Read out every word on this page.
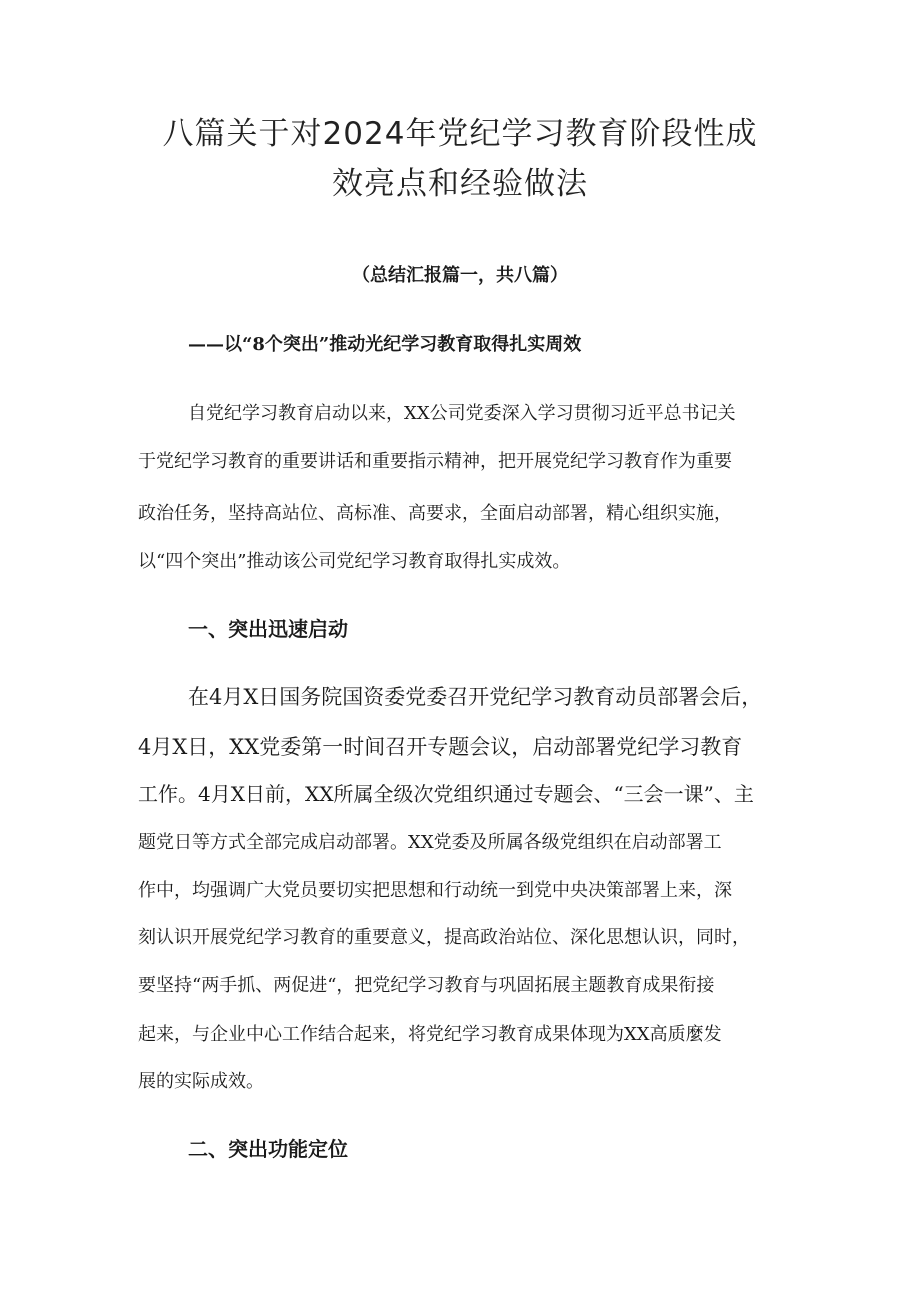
八篇关于对2024年党纪学习教育阶段性成
效亮点和经验做法

（总结汇报篇一，共八篇）

——以“8个突出”推动光纪学习教育取得扎实周效

自党纪学习教育启动以来，XX公司党委深入学习贯彻习近平总书记关

于党纪学习教育的重要讲话和重要指示精神，把开展党纪学习教育作为重要

政治任务，坚持高站位、高标准、高要求，全面启动部署，精心组织实施，

以“四个突出”推动该公司党纪学习教育取得扎实成效。

一、突出迅速启动

在4月X日国务院国资委党委召开党纪学习教育动员部署会后，

4月X日，XX党委第一时间召开专题会议，启动部署党纪学习教育

工作。4月X日前，XX所属全级次党组织通过专题会、“三会一课”、主

题党日等方式全部完成启动部署。XX党委及所属各级党组织在启动部署工

作中，均强调广大党员要切实把思想和行动统一到党中央决策部署上来，深

刻认识开展党纪学习教育的重要意义，提高政治站位、深化思想认识，同时，

要坚持“两手抓、两促进“，把党纪学习教育与巩固拓展主题教育成果衔接

起来，与企业中心工作结合起来，将党纪学习教育成果体现为XX高质麼发

展的实际成效。

二、突出功能定位
